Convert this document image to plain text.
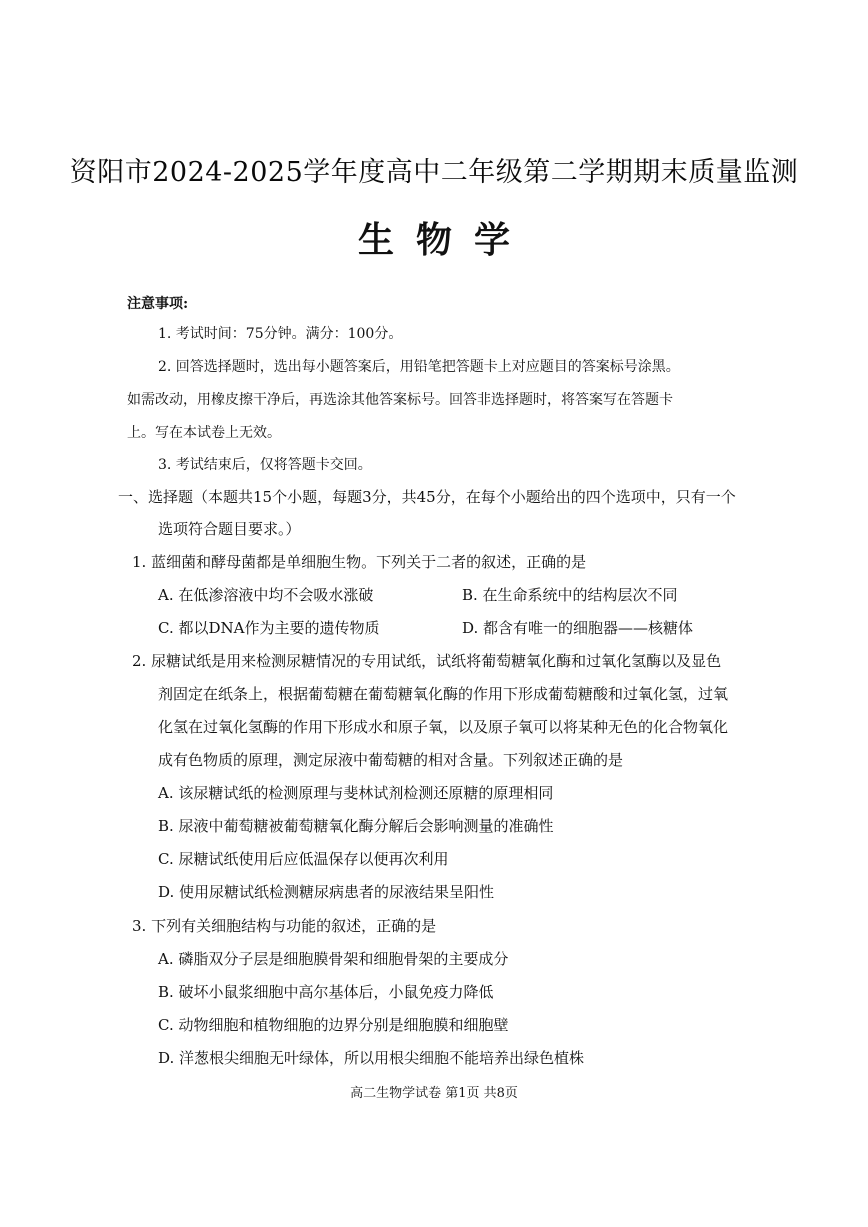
资阳市2024-2025学年度高中二年级第二学期期末质量监测
生物学
注意事项:
1. 考试时间：75分钟。满分：100分。
2. 回答选择题时，选出每小题答案后，用铅笔把答题卡上对应题目的答案标号涂黑。
如需改动，用橡皮擦干净后，再选涂其他答案标号。回答非选择题时，将答案写在答题卡
上。写在本试卷上无效。
3. 考试结束后，仅将答题卡交回。
一、选择题（本题共15个小题，每题3分，共45分，在每个小题给出的四个选项中，只有一个
选项符合题目要求。）
1. 蓝细菌和酵母菌都是单细胞生物。下列关于二者的叙述，正确的是
A. 在低渗溶液中均不会吸水涨破	B. 在生命系统中的结构层次不同
C. 都以DNA作为主要的遗传物质	D. 都含有唯一的细胞器——核糖体
2. 尿糖试纸是用来检测尿糖情况的专用试纸，试纸将葡萄糖氧化酶和过氧化氢酶以及显色
剂固定在纸条上，根据葡萄糖在葡萄糖氧化酶的作用下形成葡萄糖酸和过氧化氢，过氧
化氢在过氧化氢酶的作用下形成水和原子氧，以及原子氧可以将某种无色的化合物氧化
成有色物质的原理，测定尿液中葡萄糖的相对含量。下列叙述正确的是
A. 该尿糖试纸的检测原理与斐林试剂检测还原糖的原理相同
B. 尿液中葡萄糖被葡萄糖氧化酶分解后会影响测量的准确性
C. 尿糖试纸使用后应低温保存以便再次利用
D. 使用尿糖试纸检测糖尿病患者的尿液结果呈阳性
3. 下列有关细胞结构与功能的叙述，正确的是
A. 磷脂双分子层是细胞膜骨架和细胞骨架的主要成分
B. 破坏小鼠浆细胞中高尔基体后，小鼠免疫力降低
C. 动物细胞和植物细胞的边界分别是细胞膜和细胞壁
D. 洋葱根尖细胞无叶绿体，所以用根尖细胞不能培养出绿色植株
高二生物学试卷 第1页 共8页
